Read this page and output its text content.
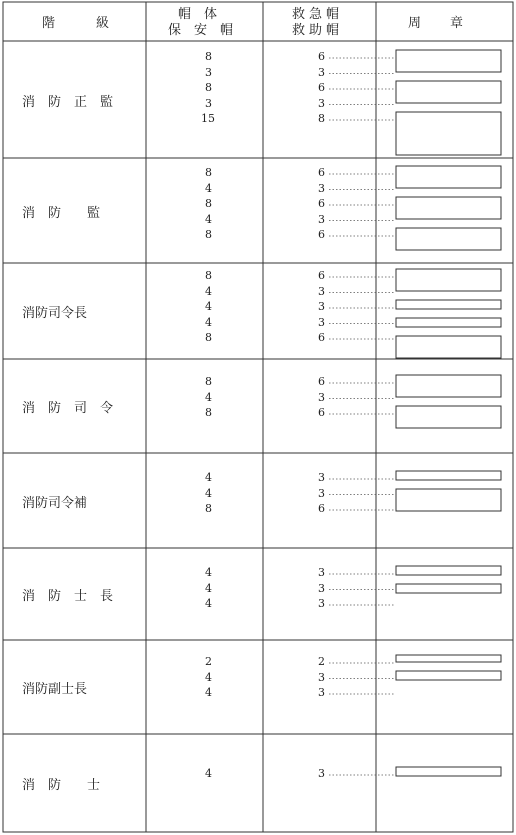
階　級
帽　体
保　安　帽
救急帽
救助帽	周　章
消　防　正　監
8
3
8
3
15
6
3
6
3
8
消　防　　監
8
4
8
4
8
6
3
6
3
6
消防司令長
8
4
4
4
8
6
3
3
3
6
消　防　司　令
8
4
8
6
3
6
消防司令補
4
4
8
3
3
6
消　防　士　長
4
4
4
3
3
3
消防副士長
2
4
4
2
3
3
消　防　　士
4	3
